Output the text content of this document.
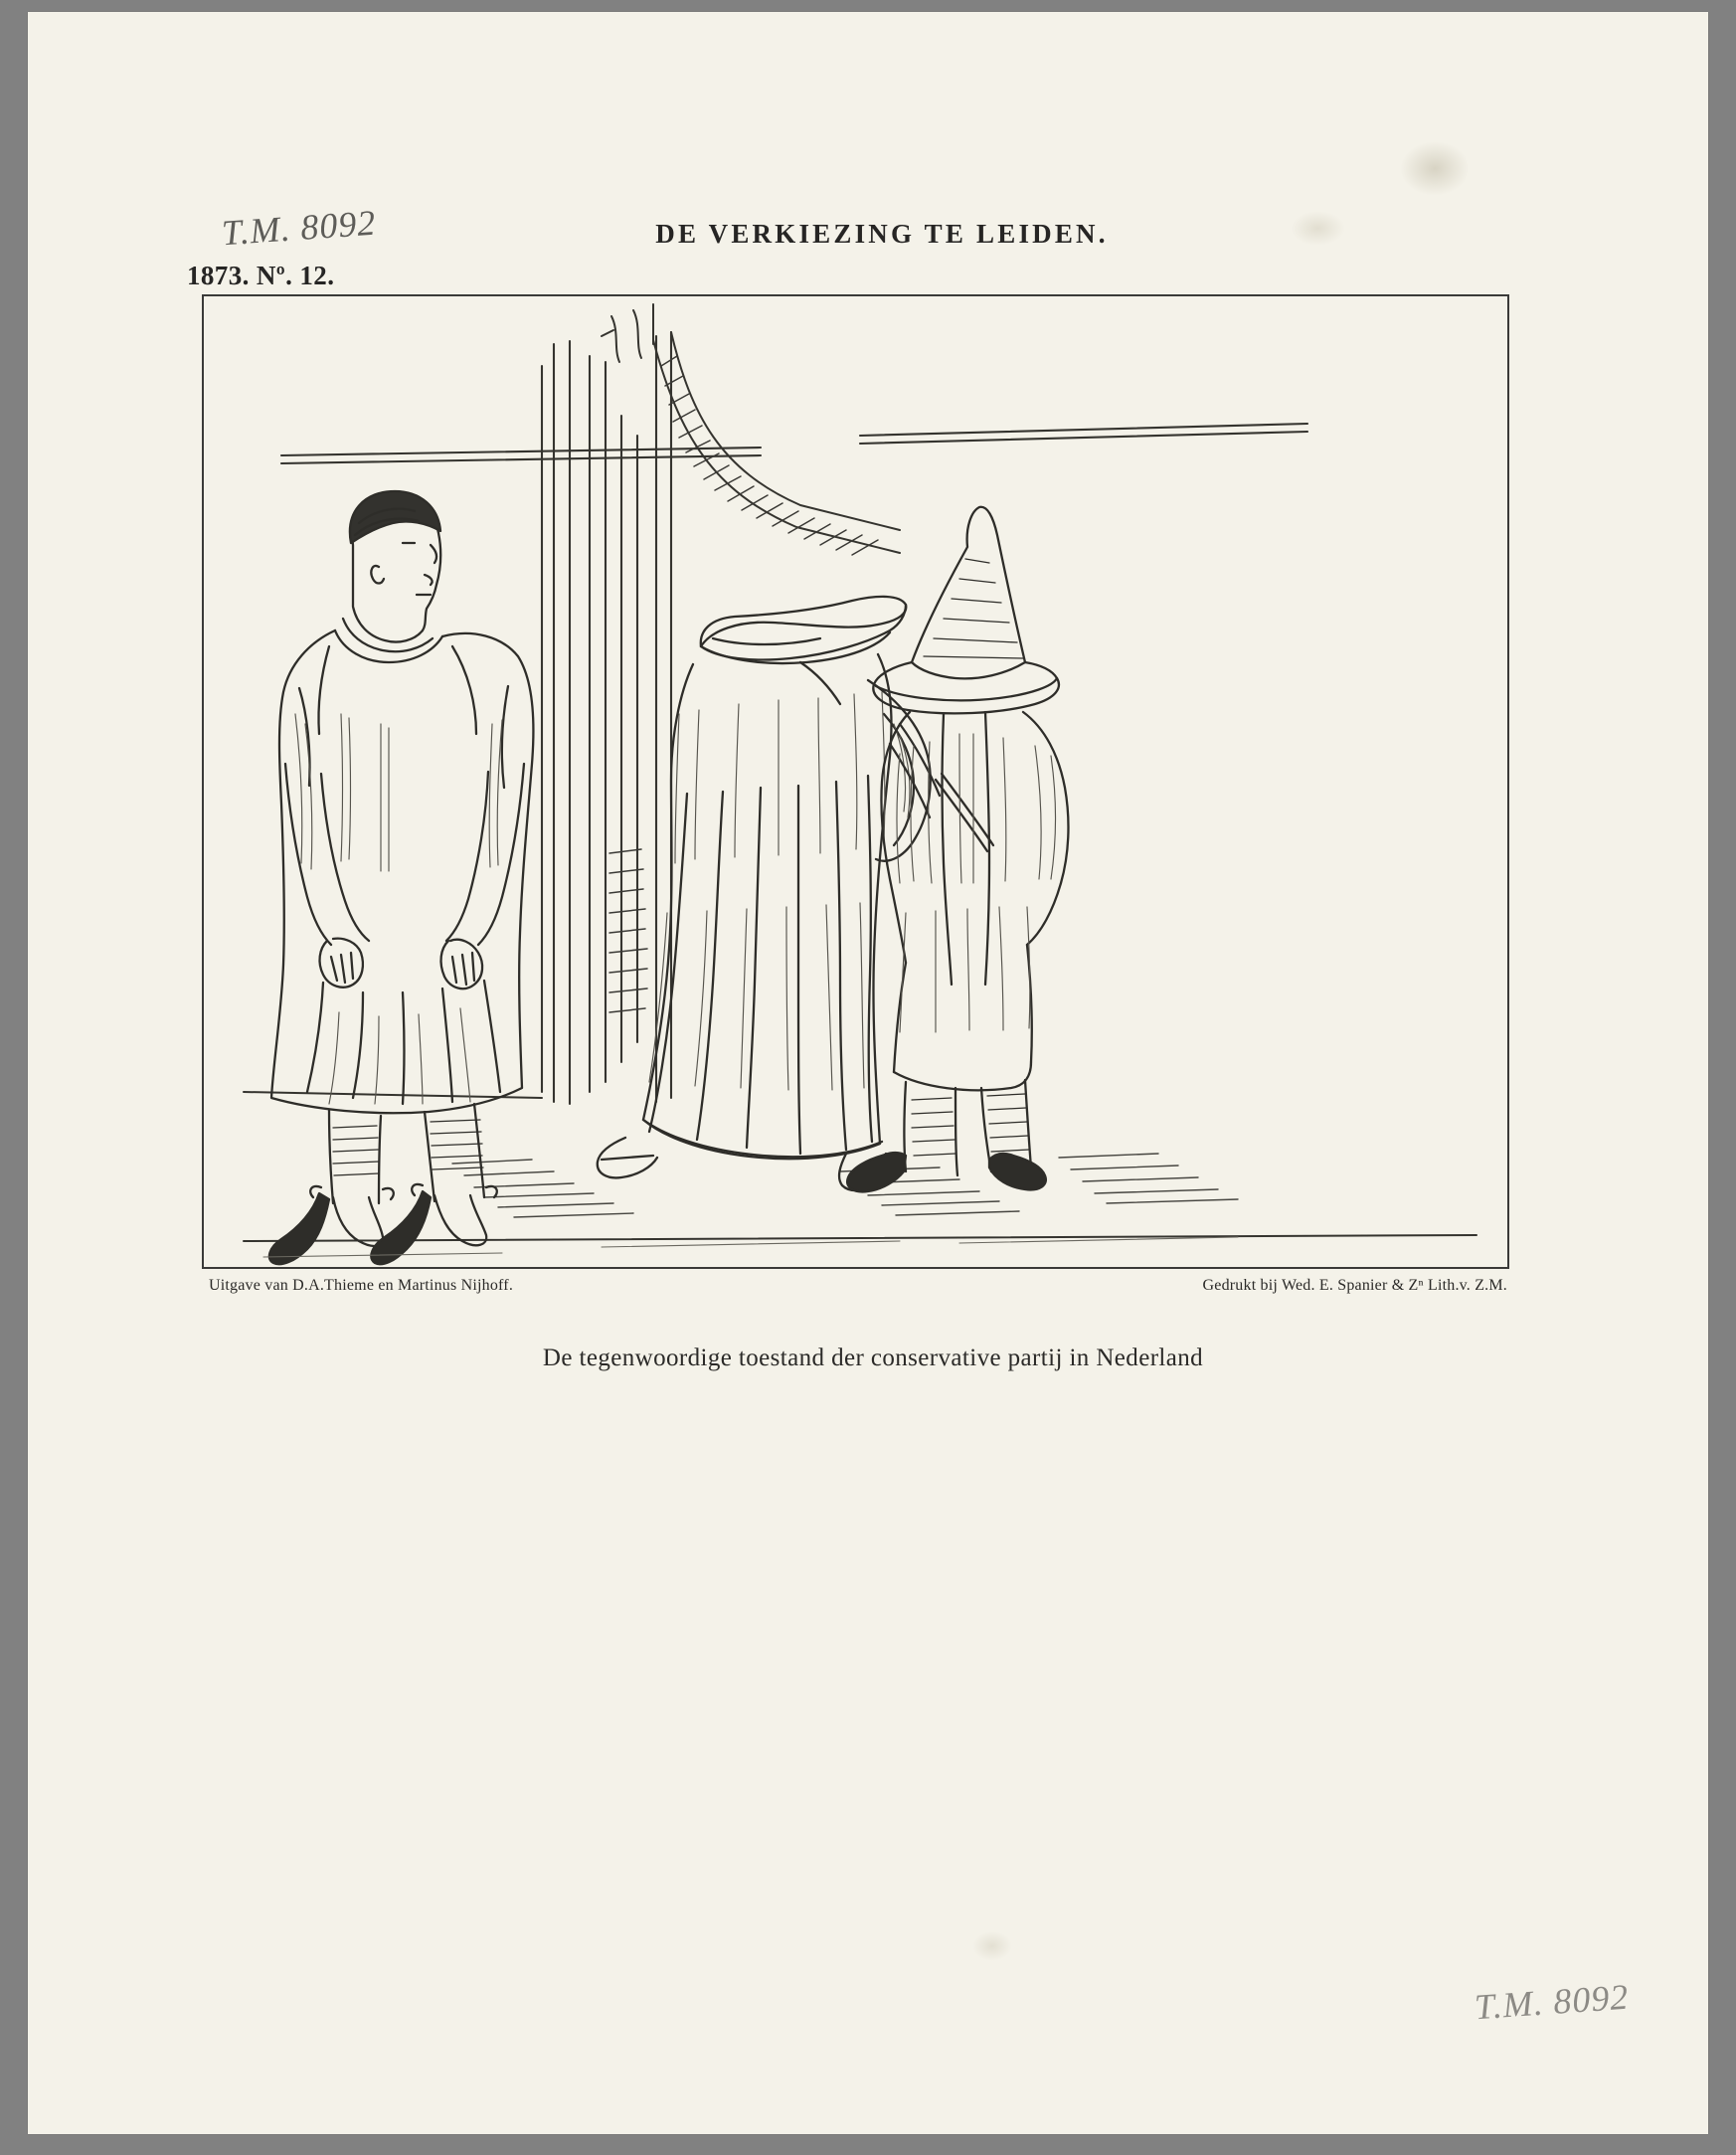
T.M. 8092	DE VERKIEZING TE LEIDEN.
1873. Nº. 12.
Uitgave van D.A.Thieme en Martinus Nijhoff.	Gedrukt bij Wed. E. Spanier & Zⁿ Lith.v. Z.M.
De tegenwoordige toestand der conservative partij in Nederland
T.M. 8092
